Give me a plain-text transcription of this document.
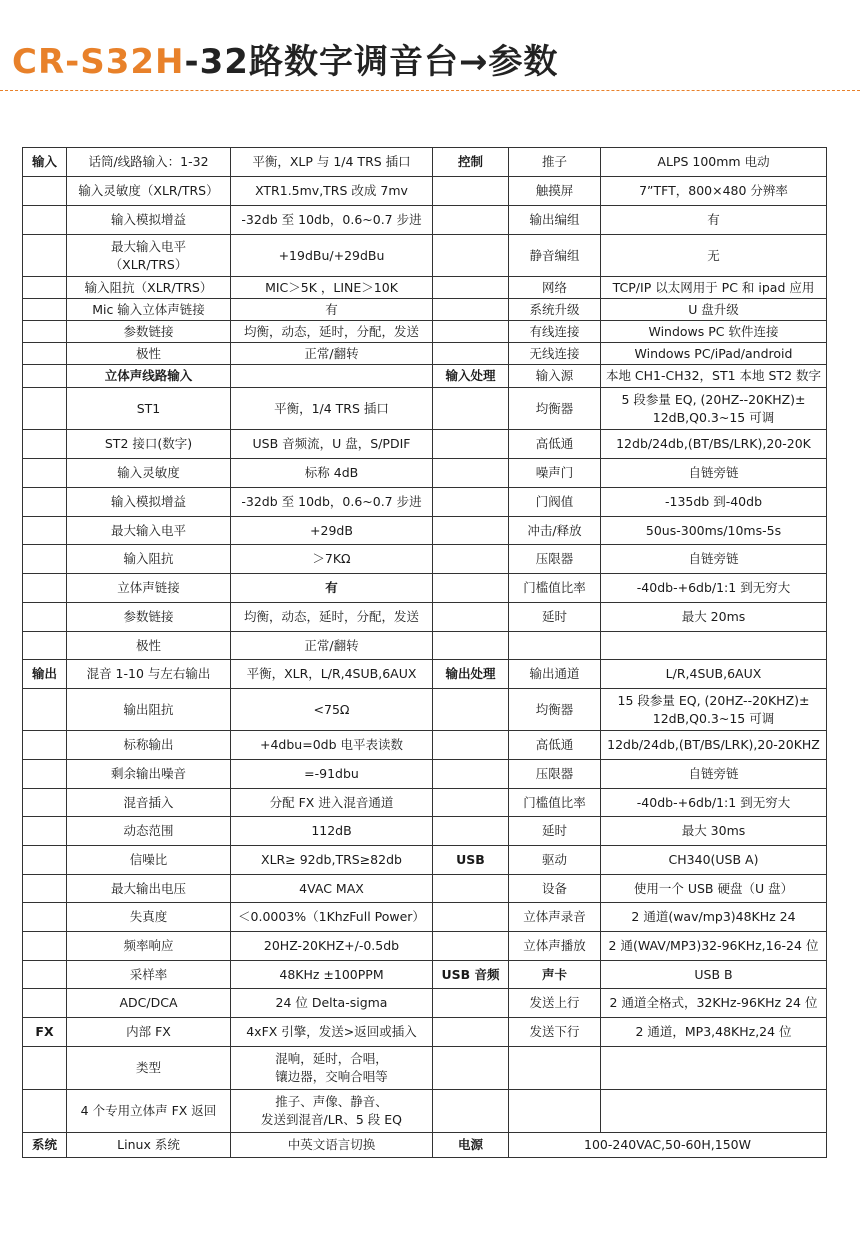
CR-S32H-32路数字调音台→参数
输入	话筒/线路输入：1-32	平衡，XLP 与 1/4 TRS 插口	控制	推子	ALPS 100mm 电动
	输入灵敏度（XLR/TRS）	XTR1.5mv,TRS 改成 7mv		触摸屏	7”TFT，800×480 分辨率
	输入模拟增益	-32db 至 10db，0.6~0.7 步进		输出编组	有
	最大输入电平
（XLR/TRS）	+19dBu/+29dBu		静音编组	无
	输入阻抗（XLR/TRS）	MIC＞5K ，LINE＞10K		网络	TCP/IP 以太网用于 PC 和 ipad 应用
	Mic 输入立体声链接	有		系统升级	U 盘升级
	参数链接	均衡，动态，延时，分配，发送		有线连接	Windows PC 软件连接
	极性	正常/翻转		无线连接	Windows PC/iPad/android
	立体声线路输入		输入处理	输入源	本地 CH1-CH32，ST1 本地 ST2 数字
	ST1	平衡，1/4 TRS 插口		均衡器	5 段参量 EQ, (20HZ--20KHZ)±
12dB,Q0.3~15 可调
	ST2 接口(数字)	USB 音频流，U 盘，S/PDIF		高低通	12db/24db,(BT/BS/LRK),20-20K
	输入灵敏度	标称 4dB		噪声门	自链旁链
	输入模拟增益	-32db 至 10db，0.6~0.7 步进		门阀值	-135db 到-40db
	最大输入电平	+29dB		冲击/释放	50us-300ms/10ms-5s
	输入阻抗	＞7KΩ		压限器	自链旁链
	立体声链接	有		门槛值比率	-40db-+6db/1:1 到无穷大
	参数链接	均衡，动态，延时，分配，发送		延时	最大 20ms
	极性	正常/翻转			
输出	混音 1-10 与左右输出	平衡，XLR，L/R,4SUB,6AUX	输出处理	输出通道	L/R,4SUB,6AUX
	输出阻抗	<75Ω		均衡器	15 段参量 EQ, (20HZ--20KHZ)±
12dB,Q0.3~15 可调
	标称输出	+4dbu=0db 电平表读数		高低通	12db/24db,(BT/BS/LRK),20-20KHZ
	剩余输出噪音	=-91dbu		压限器	自链旁链
	混音插入	分配 FX 进入混音通道		门槛值比率	-40db-+6db/1:1 到无穷大
	动态范围	112dB		延时	最大 30ms
	信噪比	XLR≥ 92db,TRS≥82db	USB	驱动	CH340(USB A)
	最大输出电压	4VAC MAX		设备	使用一个 USB 硬盘（U 盘）
	失真度	＜0.0003%（1KhzFull Power）		立体声录音	2 通道(wav/mp3)48KHz 24
	频率响应	20HZ-20KHZ+/-0.5db		立体声播放	2 通(WAV/MP3)32-96KHz,16-24 位
	采样率	48KHz ±100PPM	USB 音频	声卡	USB B
	ADC/DCA	24 位 Delta-sigma		发送上行	2 通道全格式，32KHz-96KHz 24 位
FX	内部 FX	4xFX 引擎，发送>返回或插入		发送下行	2 通道，MP3,48KHz,24 位
	类型	混响，延时，合唱，
镶边器，交响合唱等			
	4 个专用立体声 FX 返回	推子、声像、静音、
发送到混音/LR、5 段 EQ			
系统	Linux 系统	中英文语言切换	电源	100-240VAC,50-60H,150W	
